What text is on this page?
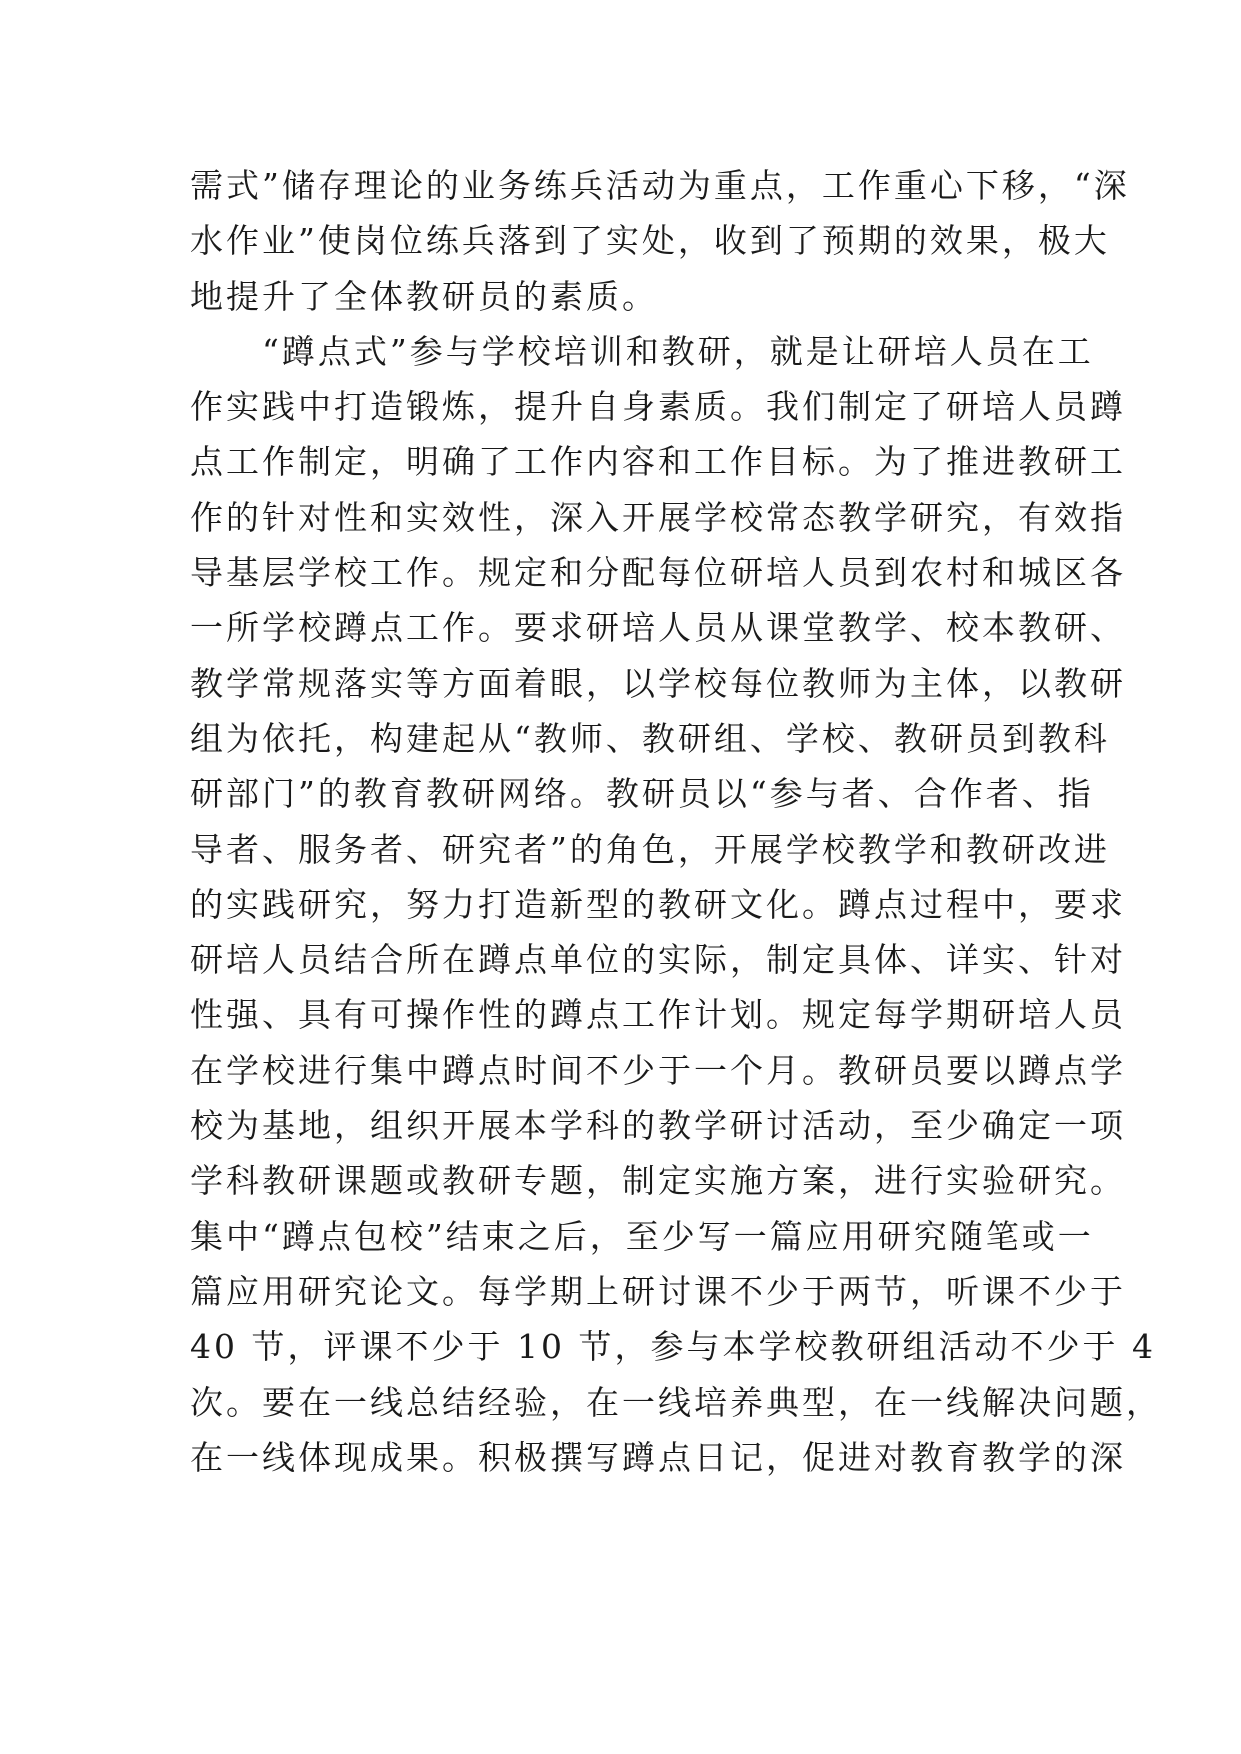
需式”储存理论的业务练兵活动为重点，工作重心下移，“深
水作业”使岗位练兵落到了实处，收到了预期的效果，极大
地提升了全体教研员的素质。
　　“蹲点式”参与学校培训和教研，就是让研培人员在工
作实践中打造锻炼，提升自身素质。我们制定了研培人员蹲
点工作制定，明确了工作内容和工作目标。为了推进教研工
作的针对性和实效性，深入开展学校常态教学研究，有效指
导基层学校工作。规定和分配每位研培人员到农村和城区各
一所学校蹲点工作。要求研培人员从课堂教学、校本教研、
教学常规落实等方面着眼，以学校每位教师为主体，以教研
组为依托，构建起从“教师、教研组、学校、教研员到教科
研部门”的教育教研网络。教研员以“参与者、合作者、指
导者、服务者、研究者”的角色，开展学校教学和教研改进
的实践研究，努力打造新型的教研文化。蹲点过程中，要求
研培人员结合所在蹲点单位的实际，制定具体、详实、针对
性强、具有可操作性的蹲点工作计划。规定每学期研培人员
在学校进行集中蹲点时间不少于一个月。教研员要以蹲点学
校为基地，组织开展本学科的教学研讨活动，至少确定一项
学科教研课题或教研专题，制定实施方案，进行实验研究。
集中“蹲点包校”结束之后，至少写一篇应用研究随笔或一
篇应用研究论文。每学期上研讨课不少于两节，听课不少于
40 节，评课不少于 10 节，参与本学校教研组活动不少于 4
次。要在一线总结经验，在一线培养典型，在一线解决问题，
在一线体现成果。积极撰写蹲点日记，促进对教育教学的深
